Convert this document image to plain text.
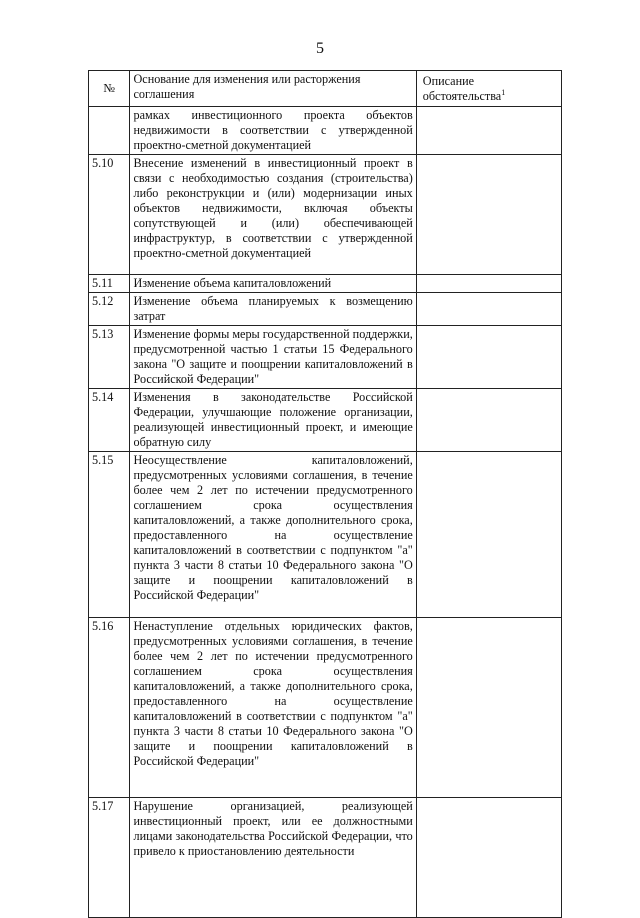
5
№	Основание для изменения или расторжения соглашения	Описание обстоятельства$^1$
	рамках инвестиционного проекта объектов недвижимости в соответствии с утвержденной проектно-сметной документацией	
5.10	Внесение изменений в инвестиционный проект в связи с необходимостью создания (строительства) либо реконструкции и (или) модернизации иных объектов недвижимости, включая объекты сопутствующей и (или) обеспечивающей инфраструктур, в соответствии с утвержденной проектно-сметной документацией	
5.11	Изменение объема капиталовложений	
5.12	Изменение объема планируемых к возмещению затрат	
5.13	Изменение формы меры государственной поддержки, предусмотренной частью 1 статьи 15 Федерального закона "О защите и поощрении капиталовложений в Российской Федерации"	
5.14	Изменения в законодательстве Российской Федерации, улучшающие положение организации, реализующей инвестиционный проект, и имеющие обратную силу	
5.15	Неосуществление капиталовложений, предусмотренных условиями соглашения, в течение более чем 2 лет по истечении предусмотренного соглашением срока осуществления капиталовложений, а также дополнительного срока, предоставленного на осуществление капиталовложений в соответствии с подпунктом "а" пункта 3 части 8 статьи 10 Федерального закона "О защите и поощрении капиталовложений в Российской Федерации"	
5.16	Ненаступление отдельных юридических фактов, предусмотренных условиями соглашения, в течение более чем 2 лет по истечении предусмотренного соглашением срока осуществления капиталовложений, а также дополнительного срока, предоставленного на осуществление капиталовложений в соответствии с подпунктом "а" пункта 3 части 8 статьи 10 Федерального закона "О защите и поощрении капиталовложений в Российской Федерации"	
5.17	Нарушение организацией, реализующей инвестиционный проект, или ее должностными лицами законодательства Российской Федерации, что привело к приостановлению деятельности	
